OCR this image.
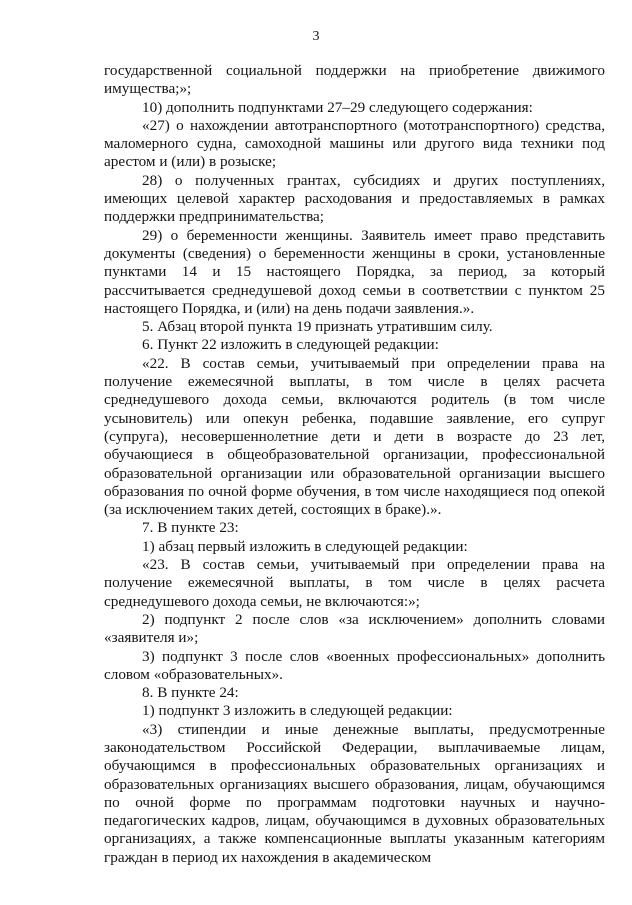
3

государственной социальной поддержки на приобретение движимого имущества;»;

10) дополнить подпунктами 27–29 следующего содержания:

«27) о нахождении автотранспортного (мототранспортного) средства, маломерного судна, самоходной машины или другого вида техники под арестом и (или) в розыске;

28) о полученных грантах, субсидиях и других поступлениях, имеющих целевой характер расходования и предоставляемых в рамках поддержки предпринимательства;

29) о беременности женщины. Заявитель имеет право представить документы (сведения) о беременности женщины в сроки, установленные пунктами 14 и 15 настоящего Порядка, за период, за который рассчитывается среднедушевой доход семьи в соответствии с пунктом 25 настоящего Порядка, и (или) на день подачи заявления.».

5. Абзац второй пункта 19 признать утратившим силу.

6. Пункт 22 изложить в следующей редакции:

«22. В состав семьи, учитываемый при определении права на получение ежемесячной выплаты, в том числе в целях расчета среднедушевого дохода семьи, включаются родитель (в том числе усыновитель) или опекун ребенка, подавшие заявление, его супруг (супруга), несовершеннолетние дети и дети в возрасте до 23 лет, обучающиеся в общеобразовательной организации, профессиональной образовательной организации или образовательной организации высшего образования по очной форме обучения, в том числе находящиеся под опекой (за исключением таких детей, состоящих в браке).».

7. В пункте 23:

1) абзац первый изложить в следующей редакции:

«23. В состав семьи, учитываемый при определении права на получение ежемесячной выплаты, в том числе в целях расчета среднедушевого дохода семьи, не включаются:»;

2) подпункт 2 после слов «за исключением» дополнить словами «заявителя и»;

3) подпункт 3 после слов «военных профессиональных» дополнить словом «образовательных».

8. В пункте 24:

1) подпункт 3 изложить в следующей редакции:

«3) стипендии и иные денежные выплаты, предусмотренные законодательством Российской Федерации, выплачиваемые лицам, обучающимся в профессиональных образовательных организациях и образовательных организациях высшего образования, лицам, обучающимся по очной форме по программам подготовки научных и научно-педагогических кадров, лицам, обучающимся в духовных образовательных организациях, а также компенсационные выплаты указанным категориям граждан в период их нахождения в академическом
